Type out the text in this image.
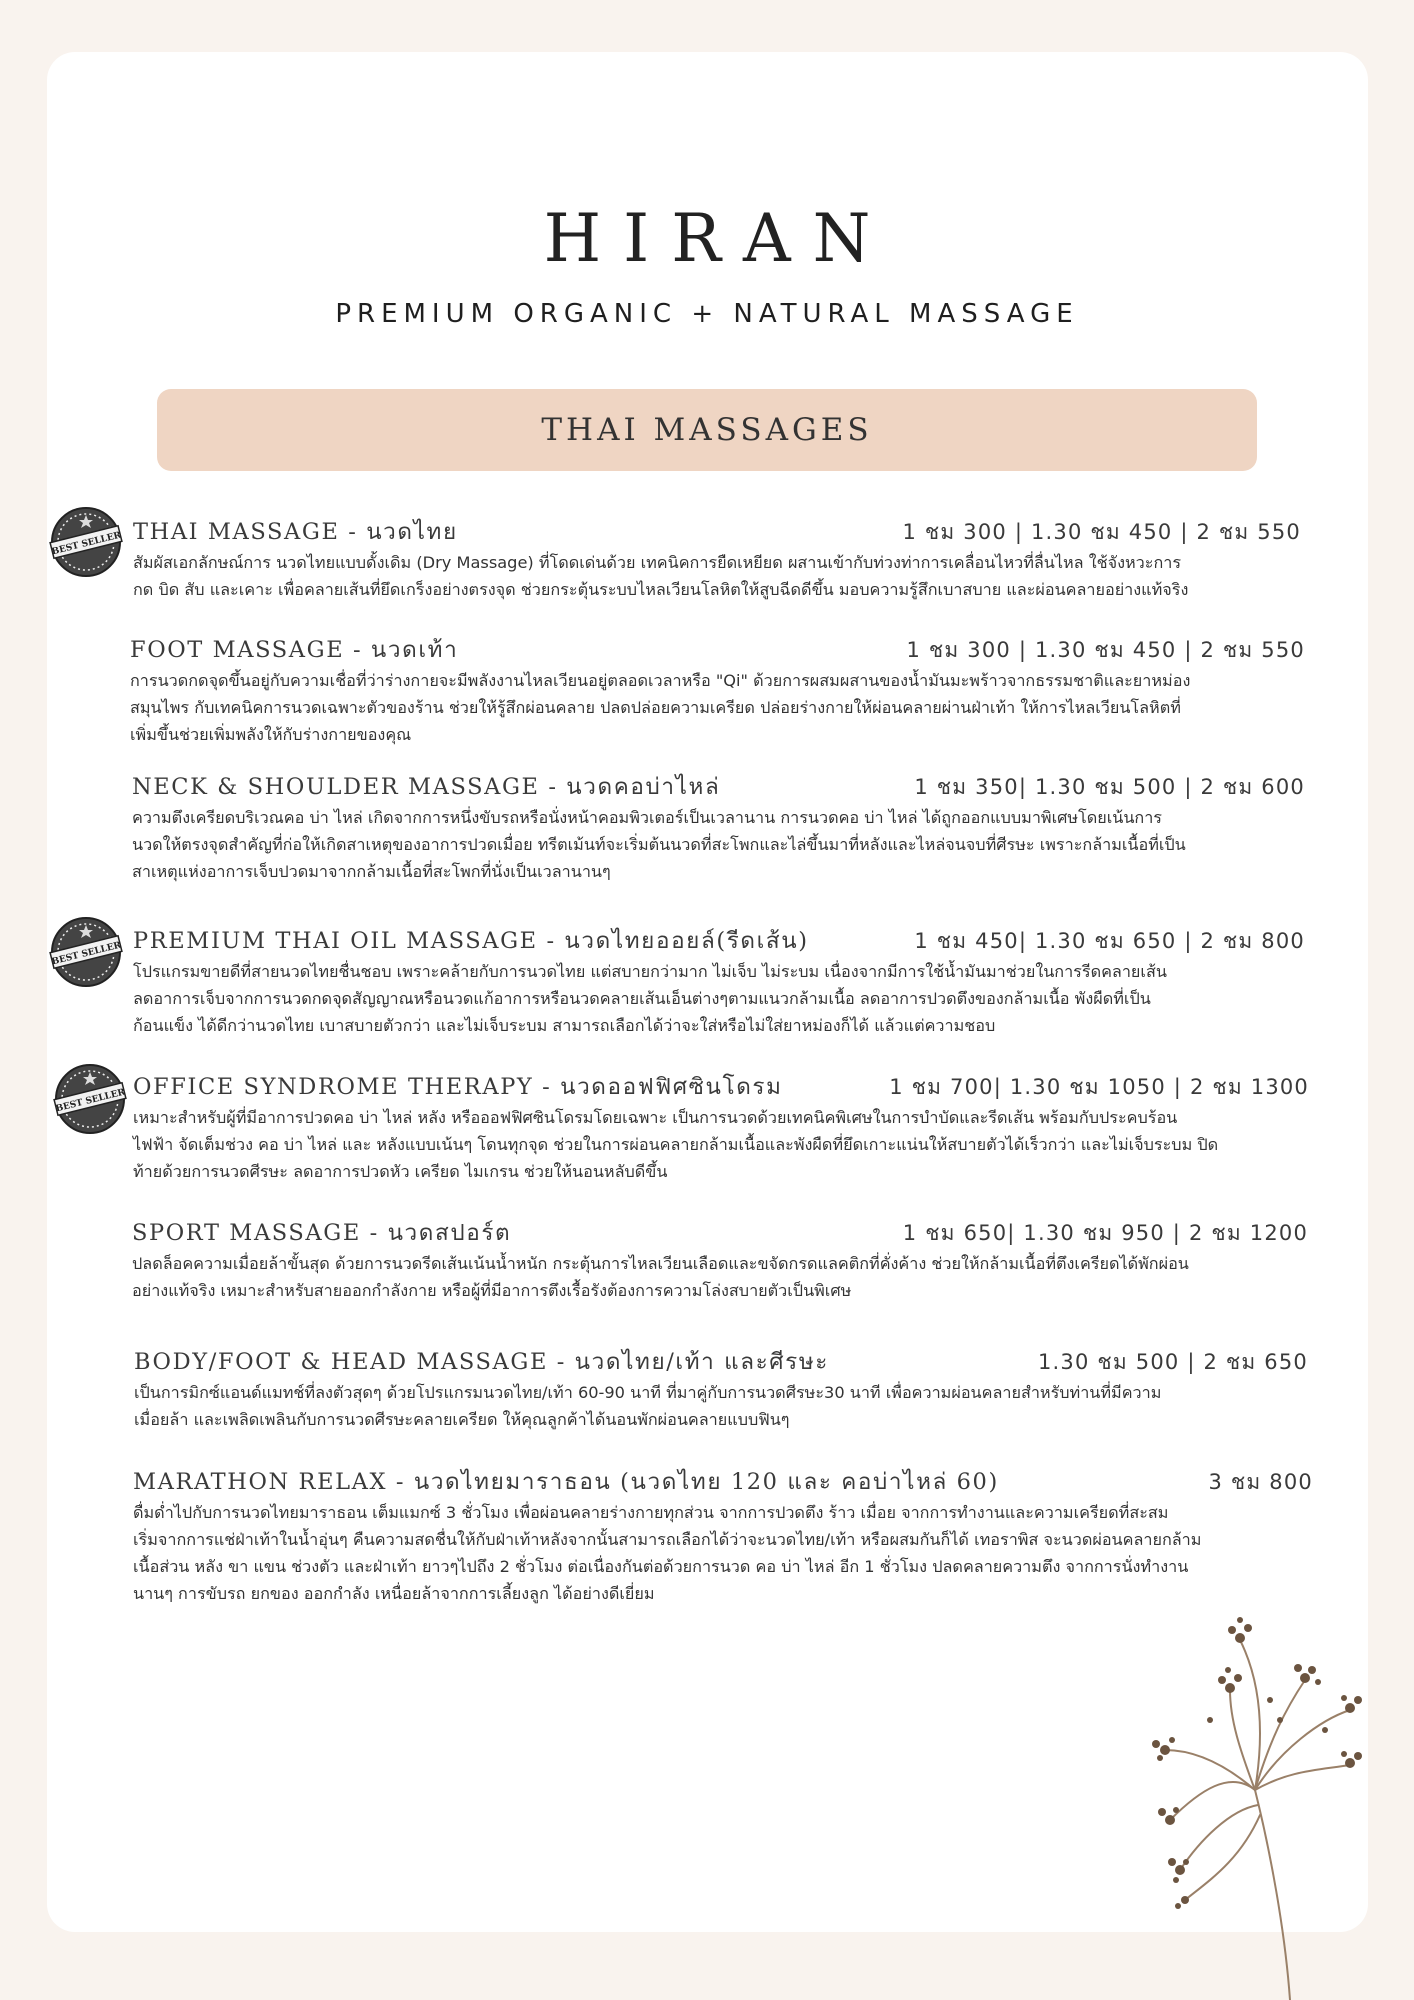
HIRAN
PREMIUM ORGANIC + NATURAL MASSAGE
THAI MASSAGES
THAI MASSAGE - นวดไทย	1 ชม 300 | 1.30 ชม 450 | 2 ชม 550
สัมผัสเอกลักษณ์การ นวดไทยแบบดั้งเดิม (Dry Massage) ที่โดดเด่นด้วย เทคนิคการยืดเหยียด ผสานเข้ากับท่วงท่าการเคลื่อนไหวที่ลื่นไหล ใช้จังหวะการ
กด บิด สับ และเคาะ เพื่อคลายเส้นที่ยึดเกร็งอย่างตรงจุด ช่วยกระตุ้นระบบไหลเวียนโลหิตให้สูบฉีดดีขึ้น มอบความรู้สึกเบาสบาย และผ่อนคลายอย่างแท้จริง
FOOT MASSAGE - นวดเท้า	1 ชม 300 | 1.30 ชม 450 | 2 ชม 550
การนวดกดจุดขึ้นอยู่กับความเชื่อที่ว่าร่างกายจะมีพลังงานไหลเวียนอยู่ตลอดเวลาหรือ "Qi" ด้วยการผสมผสานของน้ำมันมะพร้าวจากธรรมชาติและยาหม่อง
สมุนไพร กับเทคนิคการนวดเฉพาะตัวของร้าน ช่วยให้รู้สึกผ่อนคลาย ปลดปล่อยความเครียด ปล่อยร่างกายให้ผ่อนคลายผ่านฝ่าเท้า ให้การไหลเวียนโลหิตที่
เพิ่มขึ้นช่วยเพิ่มพลังให้กับร่างกายของคุณ
NECK & SHOULDER MASSAGE - นวดคอบ่าไหล่	1 ชม 350| 1.30 ชม 500 | 2 ชม 600
ความตึงเครียดบริเวณคอ บ่า ไหล่ เกิดจากการหนึ่งขับรถหรือนั่งหน้าคอมพิวเตอร์เป็นเวลานาน การนวดคอ บ่า ไหล่ ได้ถูกออกแบบมาพิเศษโดยเน้นการ
นวดให้ตรงจุดสำคัญที่ก่อให้เกิดสาเหตุของอาการปวดเมื่อย ทรีตเม้นท์จะเริ่มต้นนวดที่สะโพกและไล่ขึ้นมาที่หลังและไหล่จนจบที่ศีรษะ เพราะกล้ามเนื้อที่เป็น
สาเหตุแห่งอาการเจ็บปวดมาจากกล้ามเนื้อที่สะโพกที่นั่งเป็นเวลานานๆ
PREMIUM THAI OIL MASSAGE - นวดไทยออยล์(รีดเส้น)	1 ชม 450| 1.30 ชม 650 | 2 ชม 800
โปรแกรมขายดีที่สายนวดไทยชื่นชอบ เพราะคล้ายกับการนวดไทย แต่สบายกว่ามาก ไม่เจ็บ ไม่ระบม เนื่องจากมีการใช้น้ำมันมาช่วยในการรีดคลายเส้น
ลดอาการเจ็บจากการนวดกดจุดสัญญาณหรือนวดแก้อาการหรือนวดคลายเส้นเอ็นต่างๆตามแนวกล้ามเนื้อ ลดอาการปวดตึงของกล้ามเนื้อ พังผืดที่เป็น
ก้อนแข็ง ได้ดีกว่านวดไทย เบาสบายตัวกว่า และไม่เจ็บระบม สามารถเลือกได้ว่าจะใส่หรือไม่ใส่ยาหม่องก็ได้ แล้วแต่ความชอบ
OFFICE SYNDROME THERAPY - นวดออฟฟิศซินโดรม	1 ชม 700| 1.30 ชม 1050 | 2 ชม 1300
เหมาะสำหรับผู้ที่มีอาการปวดคอ บ่า ไหล่ หลัง หรือออฟฟิศซินโดรมโดยเฉพาะ เป็นการนวดด้วยเทคนิคพิเศษในการบำบัดและรีดเส้น พร้อมกับประคบร้อน
ไฟฟ้า จัดเต็มช่วง คอ บ่า ไหล่ และ หลังแบบเน้นๆ โดนทุกจุด ช่วยในการผ่อนคลายกล้ามเนื้อและพังผืดที่ยึดเกาะแน่นให้สบายตัวได้เร็วกว่า และไม่เจ็บระบม ปิด
ท้ายด้วยการนวดศีรษะ ลดอาการปวดหัว เครียด ไมเกรน ช่วยให้นอนหลับดีขึ้น
SPORT MASSAGE - นวดสปอร์ต	1 ชม 650| 1.30 ชม 950 | 2 ชม 1200
ปลดล็อคความเมื่อยล้าขั้นสุด ด้วยการนวดรีดเส้นเน้นน้ำหนัก กระตุ้นการไหลเวียนเลือดและขจัดกรดแลคติกที่คั่งค้าง ช่วยให้กล้ามเนื้อที่ตึงเครียดได้พักผ่อน
อย่างแท้จริง เหมาะสำหรับสายออกกำลังกาย หรือผู้ที่มีอาการตึงเรื้อรังต้องการความโล่งสบายตัวเป็นพิเศษ
BODY/FOOT & HEAD MASSAGE - นวดไทย/เท้า และศีรษะ	1.30 ชม 500 | 2 ชม 650
เป็นการมิกซ์แอนด์แมทช์ที่ลงตัวสุดๆ ด้วยโปรแกรมนวดไทย/เท้า 60-90 นาที ที่มาคู่กับการนวดศีรษะ30 นาที เพื่อความผ่อนคลายสำหรับท่านที่มีความ
เมื่อยล้า และเพลิดเพลินกับการนวดศีรษะคลายเครียด ให้คุณลูกค้าได้นอนพักผ่อนคลายแบบฟินๆ
MARATHON RELAX - นวดไทยมาราธอน (นวดไทย 120 และ คอบ่าไหล่ 60)	3 ชม 800
ดื่มด่ำไปกับการนวดไทยมาราธอน เต็มแมกซ์ 3 ชั่วโมง เพื่อผ่อนคลายร่างกายทุกส่วน จากการปวดตึง ร้าว เมื่อย จากการทำงานและความเครียดที่สะสม
เริ่มจากการแช่ฝ่าเท้าในน้ำอุ่นๆ คืนความสดชื่นให้กับฝ่าเท้าหลังจากนั้นสามารถเลือกได้ว่าจะนวดไทย/เท้า หรือผสมกันก็ได้ เทอราพิส จะนวดผ่อนคลายกล้าม
เนื้อส่วน หลัง ขา แขน ช่วงตัว และฝ่าเท้า ยาวๆไปถึง 2 ชั่วโมง ต่อเนื่องกันต่อด้วยการนวด คอ บ่า ไหล่ อีก 1 ชั่วโมง ปลดคลายความตึง จากการนั่งทำงาน
นานๆ การขับรถ ยกของ ออกกำลัง เหนื่อยล้าจากการเลี้ยงลูก ได้อย่างดีเยี่ยม
BEST SELLER
BEST SELLER
BEST SELLER
